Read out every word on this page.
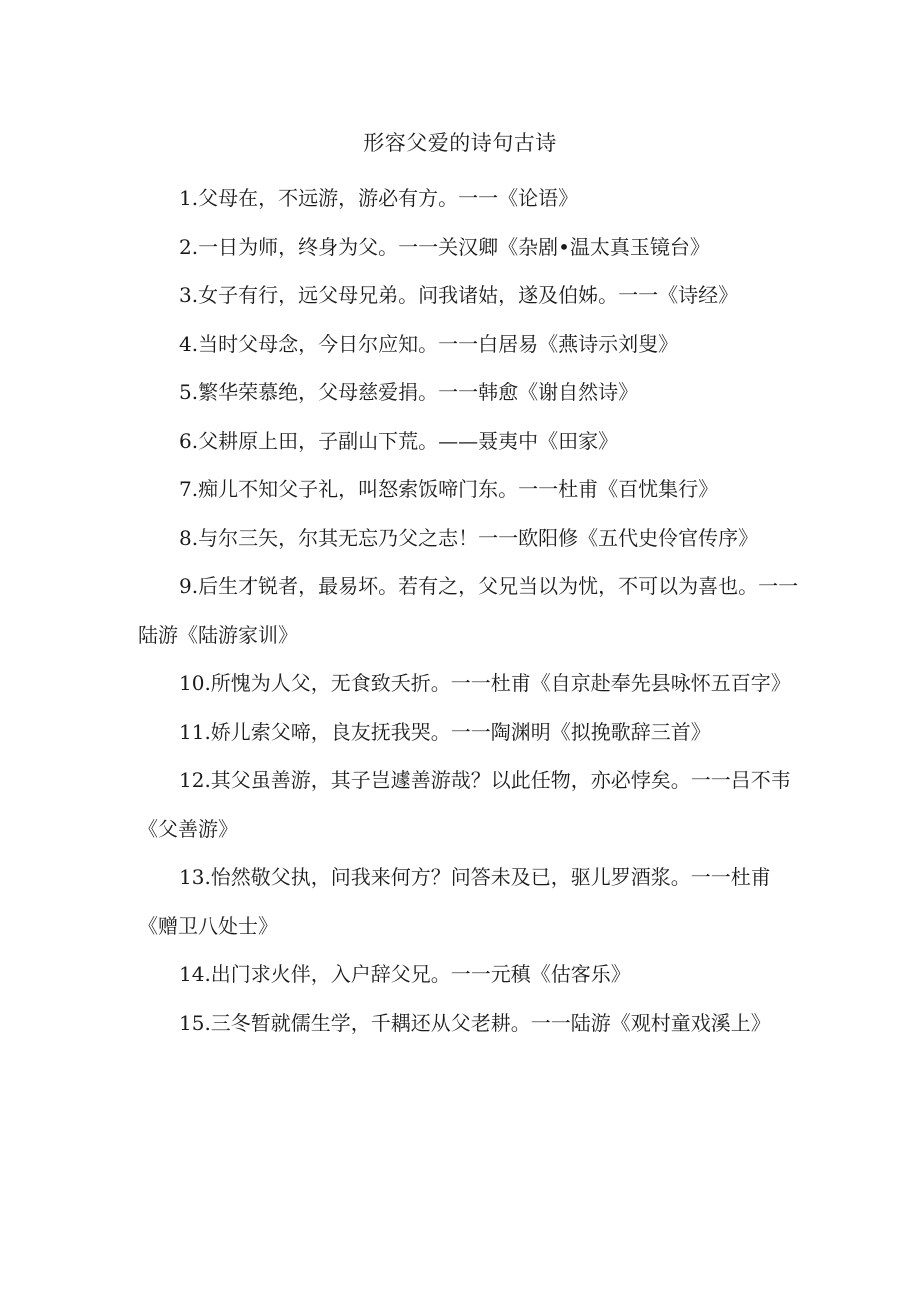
形容父爱的诗句古诗

1.父母在，不远游，游必有方。一一《论语》

2.一日为师，终身为父。一一关汉卿《杂剧•温太真玉镜台》

3.女子有行，远父母兄弟。问我诸姑，遂及伯姊。一一《诗经》

4.当时父母念，今日尔应知。一一白居易《燕诗示刘叟》

5.繁华荣慕绝，父母慈爱捐。一一韩愈《谢自然诗》

6.父耕原上田，子副山下荒。——聂夷中《田家》

7.痴儿不知父子礼，叫怒索饭啼门东。一一杜甫《百忧集行》

8.与尔三矢，尔其无忘乃父之志！一一欧阳修《五代史伶官传序》

9.后生才锐者，最易坏。若有之，父兄当以为忧，不可以为喜也。一一陆游《陆游家训》

10.所愧为人父，无食致夭折。一一杜甫《自京赴奉先县咏怀五百字》

11.娇儿索父啼，良友抚我哭。一一陶渊明《拟挽歌辞三首》

12.其父虽善游，其子岂遽善游哉？以此任物，亦必悖矣。一一吕不韦《父善游》

13.怡然敬父执，问我来何方？问答未及已，驱儿罗酒浆。一一杜甫《赠卫八处士》

14.出门求火伴，入户辞父兄。一一元稹《估客乐》

15.三冬暂就儒生学，千耦还从父老耕。一一陆游《观村童戏溪上》
